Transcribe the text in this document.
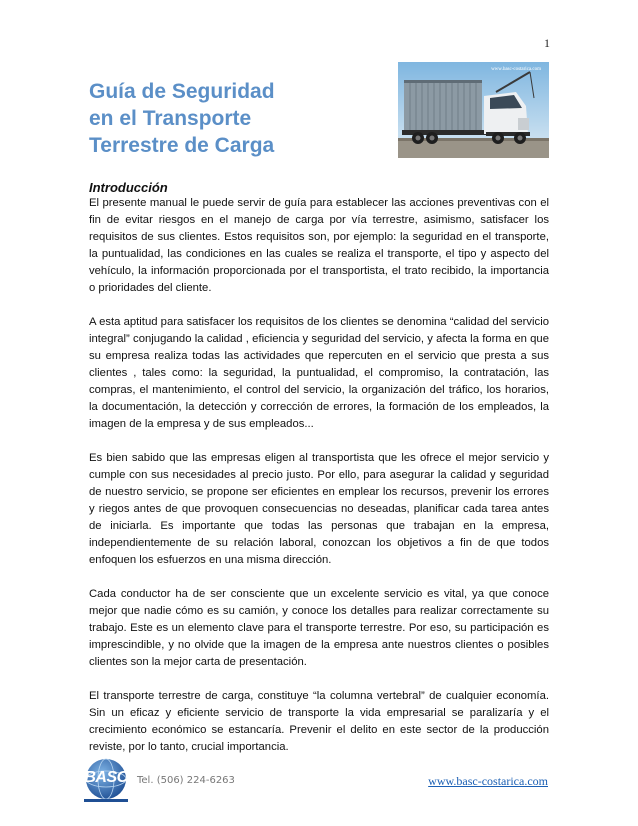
1
Guía de Seguridad
en el Transporte
Terrestre de Carga
www.basc-costarica.com
Introducción

El presente manual le puede servir de guía para establecer las acciones preventivas con el fin de evitar riesgos en el manejo de carga por vía terrestre, asimismo, satisfacer los requisitos de sus clientes. Estos requisitos son, por ejemplo: la seguridad en el transporte, la puntualidad, las condiciones en las cuales se realiza el transporte, el tipo y aspecto del vehículo, la información proporcionada por el transportista, el trato recibido, la importancia o prioridades del cliente.

A esta aptitud para satisfacer los requisitos de los clientes se denomina “calidad del servicio integral” conjugando la calidad , eficiencia y seguridad del servicio, y afecta la forma en que su empresa realiza todas las actividades que repercuten en el servicio que presta a sus clientes , tales como: la seguridad, la puntualidad, el compromiso, la contratación, las compras, el mantenimiento, el control del servicio, la organización del tráfico, los horarios, la documentación, la detección y corrección de errores, la formación de los empleados, la imagen de la empresa y de sus empleados...

Es bien sabido que las empresas eligen al transportista que les ofrece el mejor servicio y cumple con sus necesidades al precio justo. Por ello, para asegurar la calidad y seguridad de nuestro servicio, se propone ser eficientes en emplear los recursos, prevenir los errores y riegos antes de que provoquen consecuencias no deseadas, planificar cada tarea antes de iniciarla. Es importante que todas las personas que trabajan en la empresa, independientemente de su relación laboral, conozcan los objetivos a fin de que todos enfoquen los esfuerzos en una misma dirección.

Cada conductor ha de ser consciente que un excelente servicio es vital, ya que conoce mejor que nadie cómo es su camión, y conoce los detalles para realizar correctamente su trabajo. Este es un elemento clave para el transporte terrestre. Por eso, su participación es imprescindible, y no olvide que la imagen de la empresa ante nuestros clientes o posibles clientes son la mejor carta de presentación.

El transporte terrestre de carga, constituye “la columna vertebral” de cualquier economía. Sin un eficaz y eficiente servicio de transporte la vida empresarial se paralizaría y el crecimiento económico se estancaría. Prevenir el delito en este sector de la producción reviste, por lo tanto, crucial importancia.

BASC Tel. (506) 224-6263	www.basc-costarica.com
